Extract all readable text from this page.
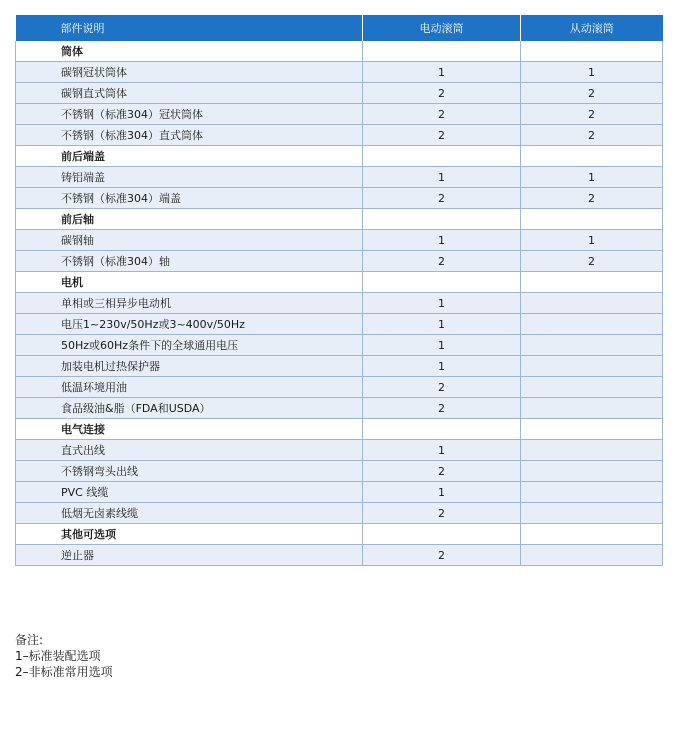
部件说明	电动滚筒	从动滚筒
筒体		
碳钢冠状筒体	1	1
碳钢直式筒体	2	2
不锈钢（标准304）冠状筒体	2	2
不锈钢（标准304）直式筒体	2	2
前后端盖		
铸铝端盖	1	1
不锈钢（标准304）端盖	2	2
前后轴		
碳钢轴	1	1
不锈钢（标准304）轴	2	2
电机		
单相或三相异步电动机	1	
电压1~230v/50Hz或3~400v/50Hz	1	
50Hz或60Hz条件下的全球通用电压	1	
加装电机过热保护器	1	
低温环境用油	2	
食品级油&脂（FDA和USDA）	2	
电气连接		
直式出线	1	
不锈钢弯头出线	2	
PVC 线缆	1	
低烟无卤素线缆	2	
其他可选项		
逆止器	2	
备注:
1–标准装配选项
2–非标准常用选项
